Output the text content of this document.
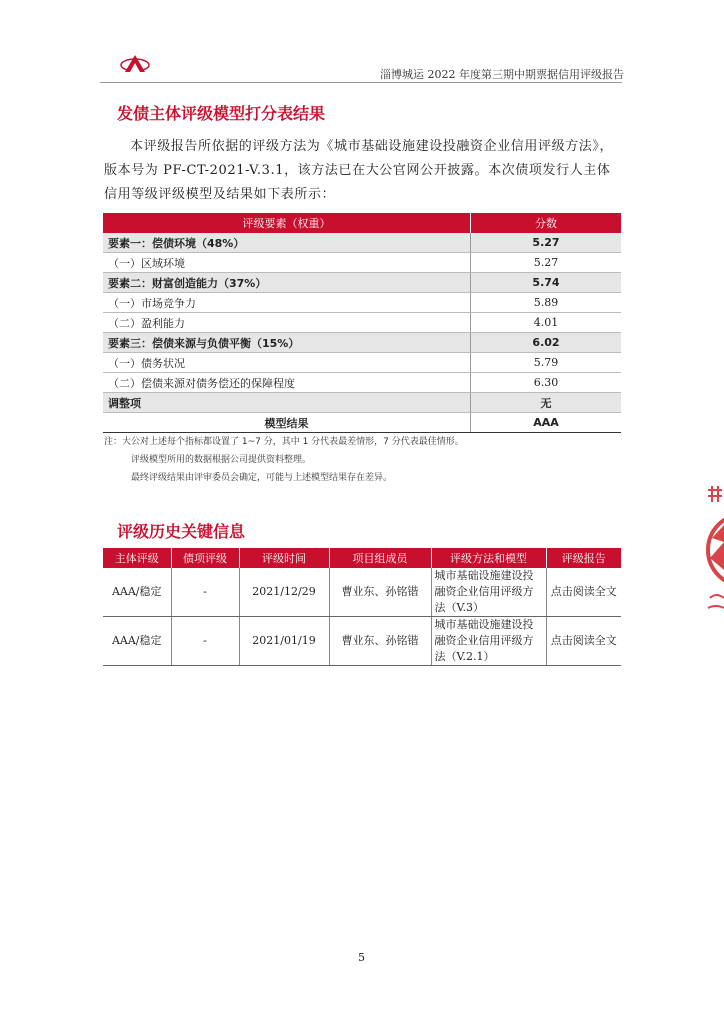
淄博城运 2022 年度第三期中期票据信用评级报告
发债主体评级模型打分表结果

本评级报告所依据的评级方法为《城市基础设施建设投融资企业信用评级方法》，版本号为 PF-CT-2021-V.3.1，该方法已在大公官网公开披露。本次债项发行人主体信用等级评级模型及结果如下表所示：

评级要素（权重）	分数
要素一：偿债环境（48%）	5.27
（一）区域环境	5.27
要素二：财富创造能力（37%）	5.74
（一）市场竞争力	5.89
（二）盈利能力	4.01
要素三：偿债来源与负债平衡（15%）	6.02
（一）债务状况	5.79
（二）偿债来源对债务偿还的保障程度	6.30
调整项	无
模型结果	AAA
注：大公对上述每个指标都设置了 1~7 分，其中 1 分代表最差情形，7 分代表最佳情形。
评级模型所用的数据根据公司提供资料整理。
最终评级结果由评审委员会确定，可能与上述模型结果存在差异。
评级历史关键信息
主体评级	债项评级	评级时间	项目组成员	评级方法和模型	评级报告
AAA/稳定	-	2021/12/29	曹业东、孙铭锴	城市基础设施建设投融资企业信用评级方法（V.3）	点击阅读全文
AAA/稳定	-	2021/01/19	曹业东、孙铭锴	城市基础设施建设投融资企业信用评级方法（V.2.1）	点击阅读全文
5
